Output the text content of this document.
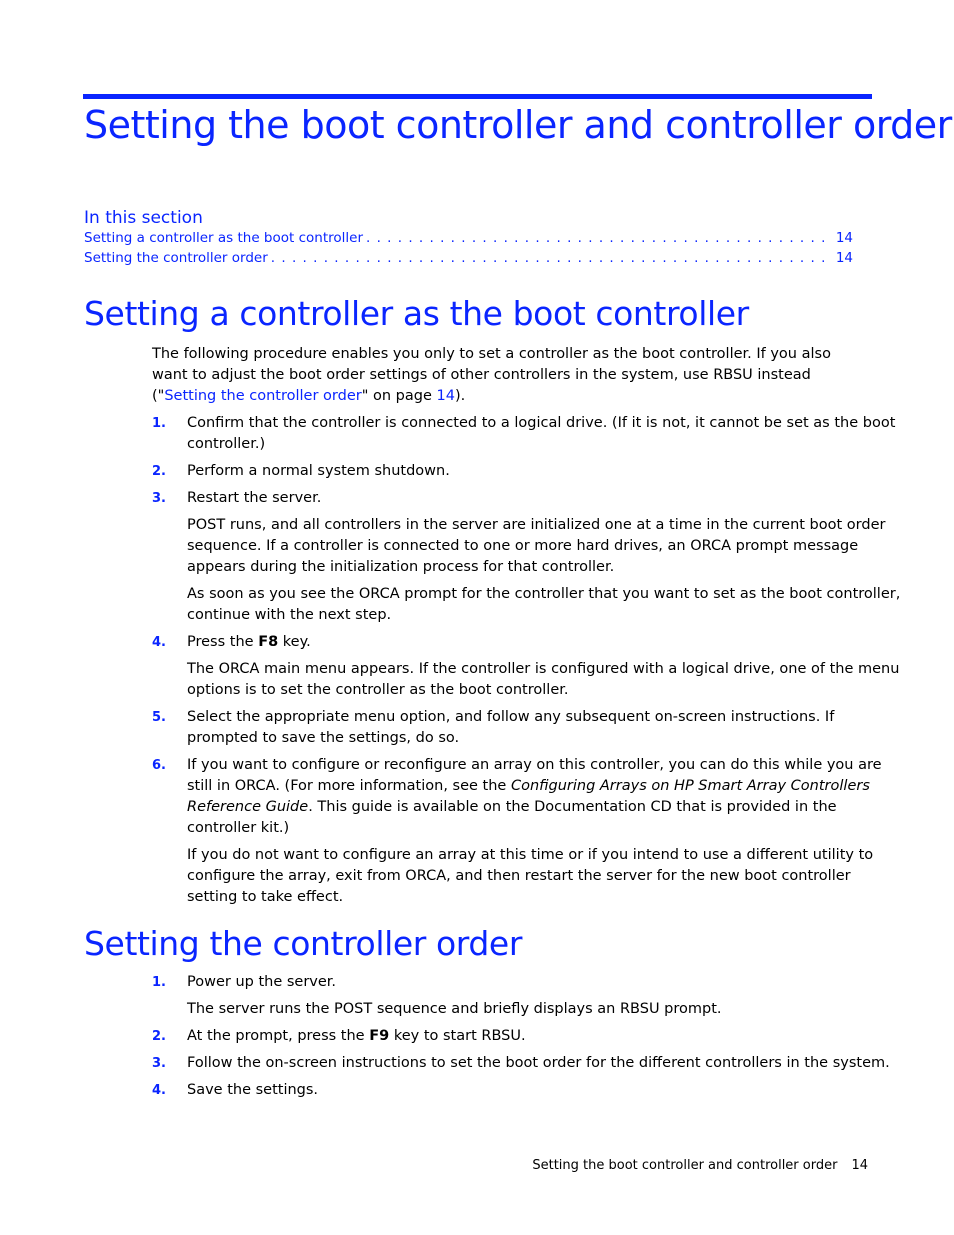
Setting the boot controller and controller order
In this section
Setting a controller as the boot controller . . .	14
Setting the controller order . . .	14
Setting a controller as the boot controller
The following procedure enables you only to set a controller as the boot controller. If you also want to adjust the boot order settings of other controllers in the system, use RBSU instead ("Setting the controller order" on page 14).
1. Confirm that the controller is connected to a logical drive. (If it is not, it cannot be set as the boot controller.)
2. Perform a normal system shutdown.
3. Restart the server.
POST runs, and all controllers in the server are initialized one at a time in the current boot order sequence. If a controller is connected to one or more hard drives, an ORCA prompt message appears during the initialization process for that controller.
As soon as you see the ORCA prompt for the controller that you want to set as the boot controller, continue with the next step.
4. Press the F8 key.
The ORCA main menu appears. If the controller is configured with a logical drive, one of the menu options is to set the controller as the boot controller.
5. Select the appropriate menu option, and follow any subsequent on-screen instructions. If prompted to save the settings, do so.
6. If you want to configure or reconfigure an array on this controller, you can do this while you are still in ORCA. (For more information, see the Configuring Arrays on HP Smart Array Controllers Reference Guide. This guide is available on the Documentation CD that is provided in the controller kit.)
If you do not want to configure an array at this time or if you intend to use a different utility to configure the array, exit from ORCA, and then restart the server for the new boot controller setting to take effect.
Setting the controller order
1. Power up the server.
The server runs the POST sequence and briefly displays an RBSU prompt.
2. At the prompt, press the F9 key to start RBSU.
3. Follow the on-screen instructions to set the boot order for the different controllers in the system.
4. Save the settings.
Setting the boot controller and controller order 14
